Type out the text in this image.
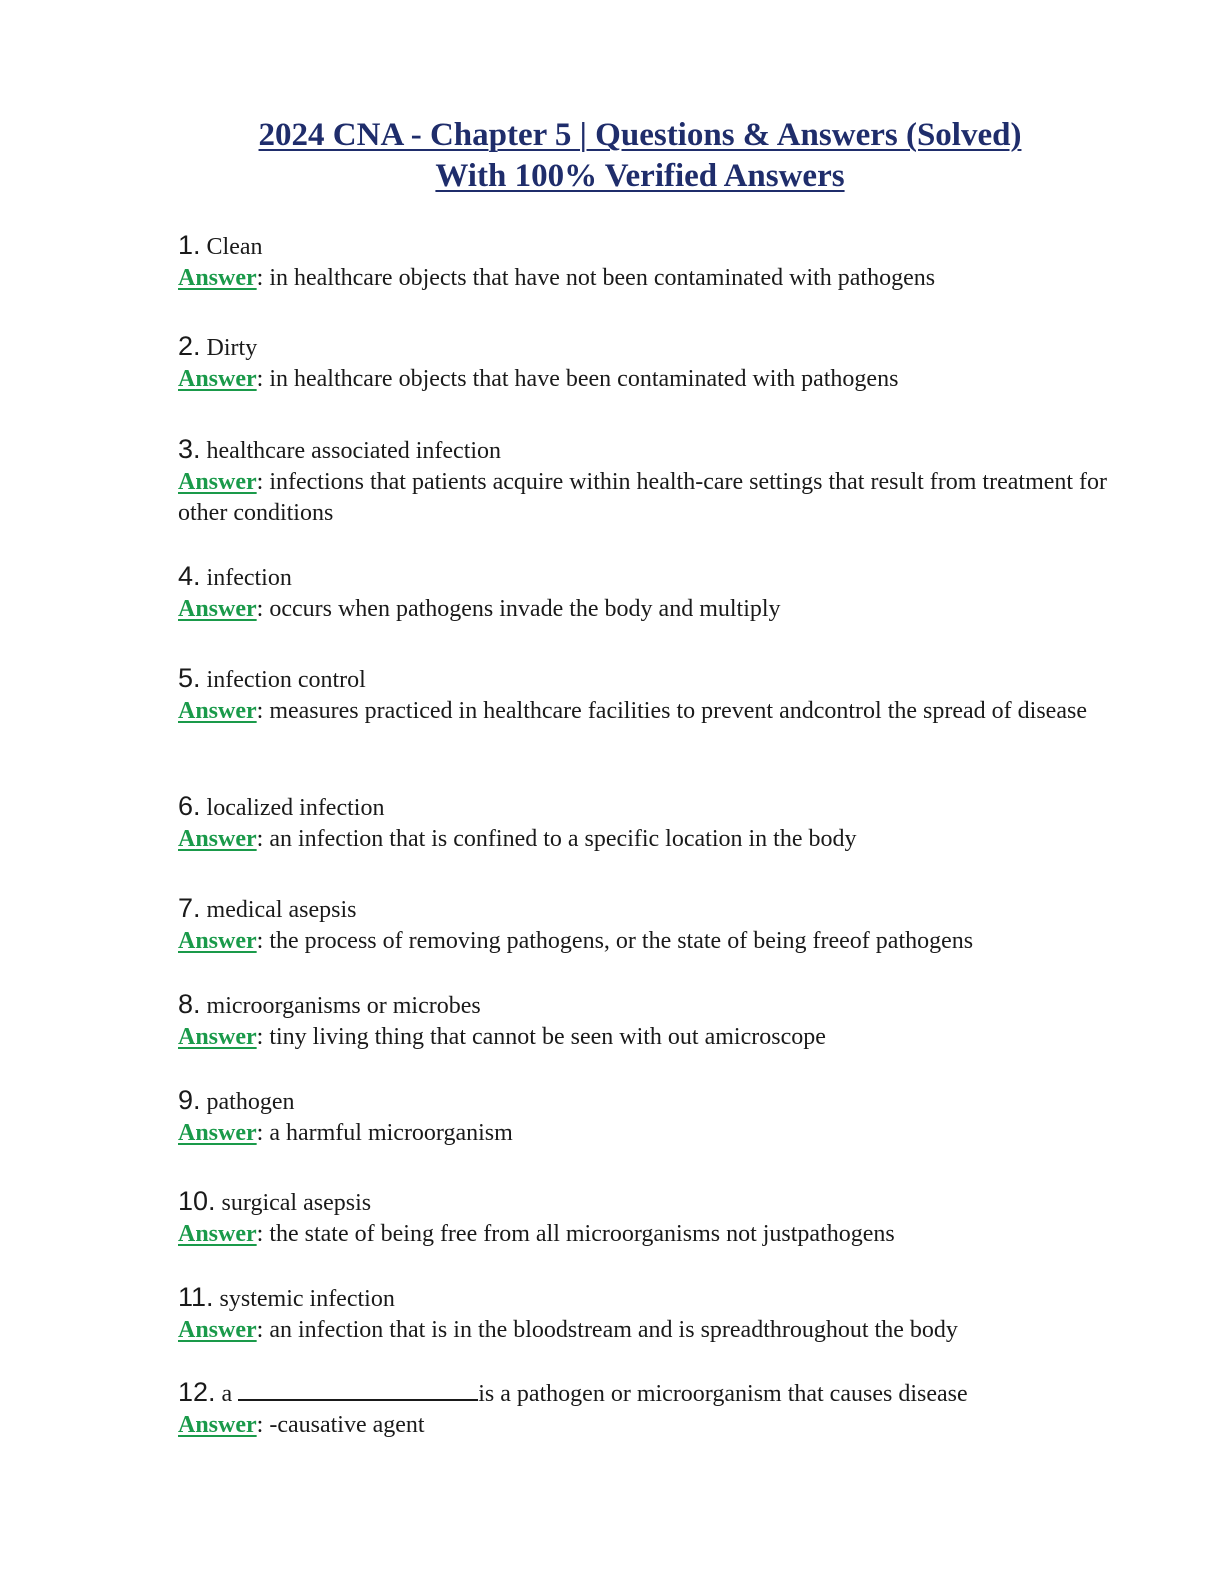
2024 CNA - Chapter 5 | Questions & Answers (Solved)
With 100% Verified Answers
1. Clean
Answer: in healthcare objects that have not been contaminated with pathogens
2. Dirty
Answer: in healthcare objects that have been contaminated with pathogens
3. healthcare associated infection
Answer: infections that patients acquire within health-care settings that result from treatment for other conditions
4. infection
Answer: occurs when pathogens invade the body and multiply
5. infection control
Answer: measures practiced in healthcare facilities to prevent andcontrol the spread of disease
6. localized infection
Answer: an infection that is confined to a specific location in the body
7. medical asepsis
Answer: the process of removing pathogens, or the state of being freeof pathogens
8. microorganisms or microbes
Answer: tiny living thing that cannot be seen with out amicroscope
9. pathogen
Answer: a harmful microorganism
10. surgical asepsis
Answer: the state of being free from all microorganisms not justpathogens
11. systemic infection
Answer: an infection that is in the bloodstream and is spreadthroughout the body
12. a	is a pathogen or microorganism that causes disease
Answer: -causative agent
